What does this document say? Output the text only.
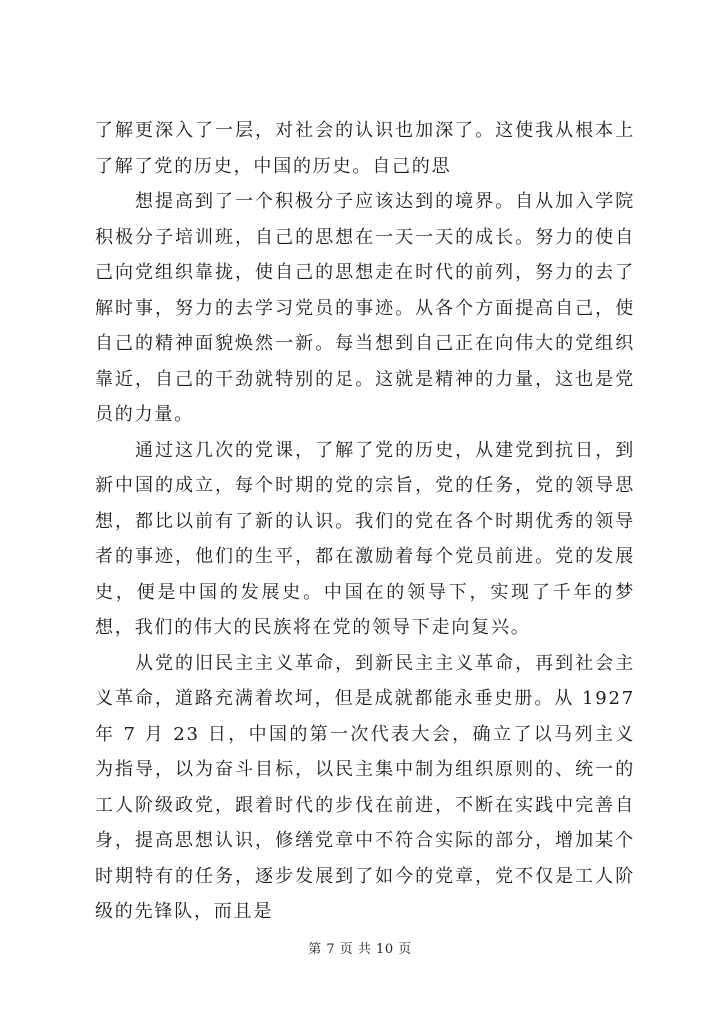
了解更深入了一层，对社会的认识也加深了。这使我从根本上了解了党的历史，中国的历史。自己的思

想提高到了一个积极分子应该达到的境界。自从加入学院积极分子培训班，自己的思想在一天一天的成长。努力的使自己向党组织靠拢，使自己的思想走在时代的前列，努力的去了解时事，努力的去学习党员的事迹。从各个方面提高自己，使自己的精神面貌焕然一新。每当想到自己正在向伟大的党组织靠近，自己的干劲就特别的足。这就是精神的力量，这也是党员的力量。

通过这几次的党课，了解了党的历史，从建党到抗日，到新中国的成立，每个时期的党的宗旨，党的任务，党的领导思想，都比以前有了新的认识。我们的党在各个时期优秀的领导者的事迹，他们的生平，都在激励着每个党员前进。党的发展史，便是中国的发展史。中国在的领导下，实现了千年的梦想，我们的伟大的民族将在党的领导下走向复兴。

从党的旧民主主义革命，到新民主主义革命，再到社会主义革命，道路充满着坎坷，但是成就都能永垂史册。从 1927 年 7 月 23 日，中国的第一次代表大会，确立了以马列主义为指导，以为奋斗目标，以民主集中制为组织原则的、统一的工人阶级政党，跟着时代的步伐在前进，不断在实践中完善自身，提高思想认识，修缮党章中不符合实际的部分，增加某个时期特有的任务，逐步发展到了如今的党章，党不仅是工人阶级的先锋队，而且是

第 7 页 共 10 页
